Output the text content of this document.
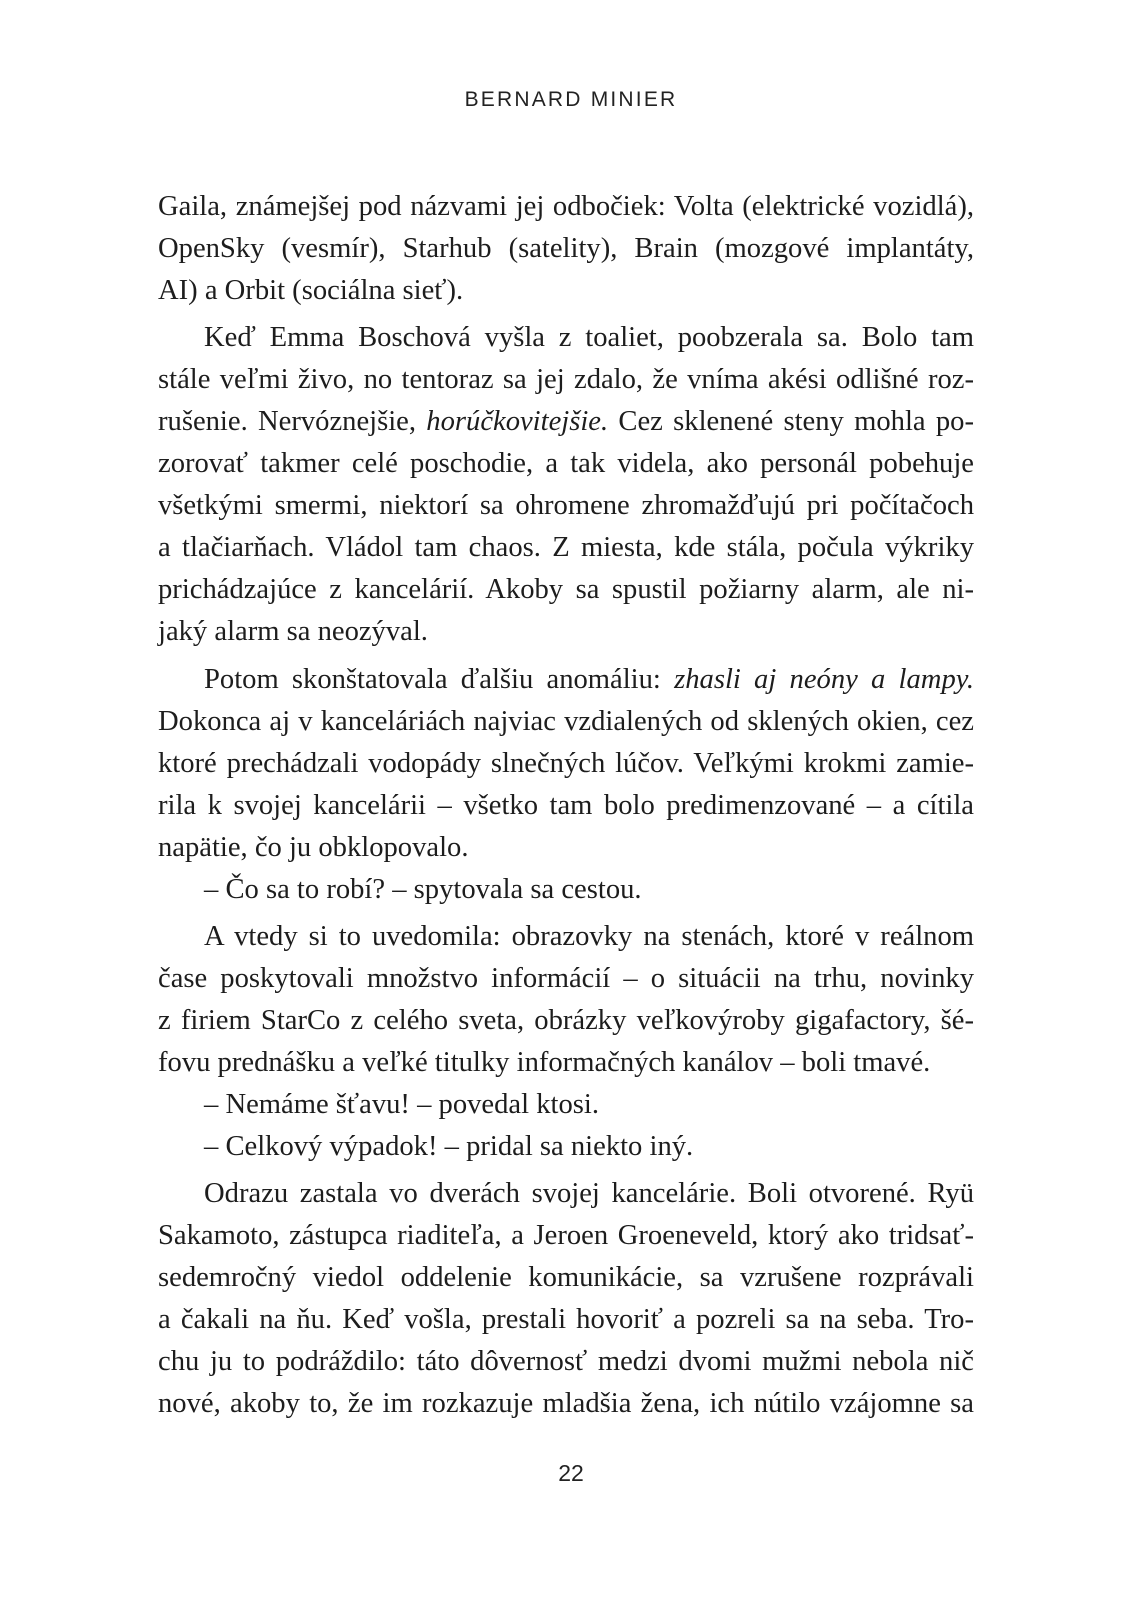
BERNARD MINIER
Gaila, známejšej pod názvami jej odbočiek: Volta (elektrické vozidlá),
OpenSky (vesmír), Starhub (satelity), Brain (mozgové implantáty,
AI) a Orbit (sociálna sieť).
Keď Emma Boschová vyšla z toaliet, poobzerala sa. Bolo tam
stále veľmi živo, no tentoraz sa jej zdalo, že vníma akési odlišné roz-
rušenie. Nervóznejšie, horúčkovitejšie. Cez sklenené steny mohla po-
zorovať takmer celé poschodie, a tak videla, ako personál pobehuje
všetkými smermi, niektorí sa ohromene zhromažďujú pri počítačoch
a tlačiarňach. Vládol tam chaos. Z miesta, kde stála, počula výkriky
prichádzajúce z kancelárií. Akoby sa spustil požiarny alarm, ale ni-
jaký alarm sa neozýval.
Potom skonštatovala ďalšiu anomáliu: zhasli aj neóny a lampy.
Dokonca aj v kanceláriách najviac vzdialených od sklených okien, cez
ktoré prechádzali vodopády slnečných lúčov. Veľkými krokmi zamie-
rila k svojej kancelárii – všetko tam bolo predimenzované – a cítila
napätie, čo ju obklopovalo.
– Čo sa to robí? – spytovala sa cestou.
A vtedy si to uvedomila: obrazovky na stenách, ktoré v reálnom
čase poskytovali množstvo informácií – o situácii na trhu, novinky
z firiem StarCo z celého sveta, obrázky veľkovýroby gigafactory, šé-
fovu prednášku a veľké titulky informačných kanálov – boli tmavé.
– Nemáme šťavu! – povedal ktosi.
– Celkový výpadok! – pridal sa niekto iný.
Odrazu zastala vo dverách svojej kancelárie. Boli otvorené. Ryü
Sakamoto, zástupca riaditeľa, a Jeroen Groeneveld, ktorý ako tridsať-
sedemročný viedol oddelenie komunikácie, sa vzrušene rozprávali
a čakali na ňu. Keď vošla, prestali hovoriť a pozreli sa na seba. Tro-
chu ju to podráždilo: táto dôvernosť medzi dvomi mužmi nebola nič
nové, akoby to, že im rozkazuje mladšia žena, ich nútilo vzájomne sa
22
